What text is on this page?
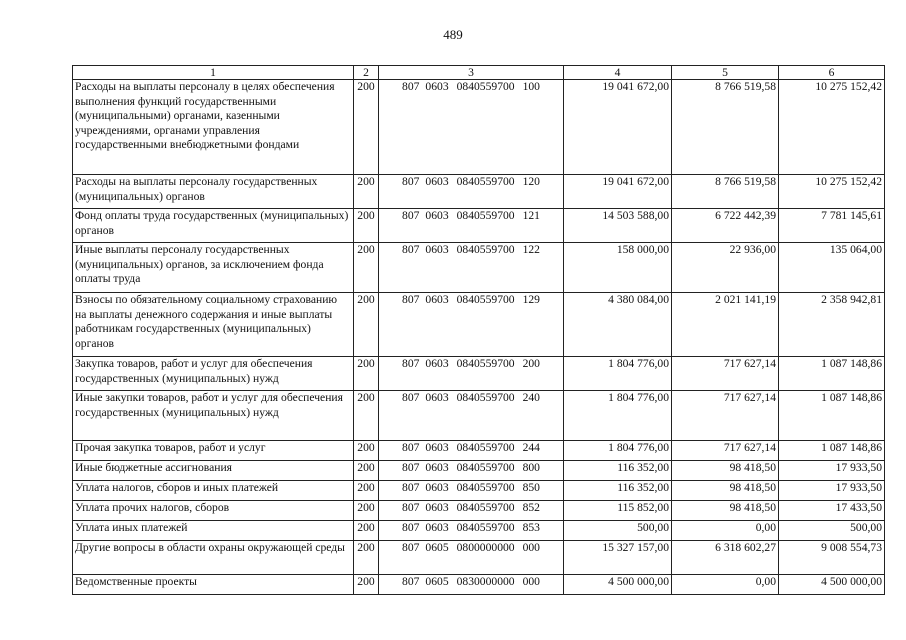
489
1	2	3	4	5	6
Расходы на выплаты персоналу в целях обеспечения выполнения функций государственными (муниципальными) органами, казенными учреждениями, органами управления государственными внебюджетными фондами	200	807 0603 0840559700 100	19 041 672,00	8 766 519,58	10 275 152,42
Расходы на выплаты персоналу государственных (муниципальных) органов	200	807 0603 0840559700 120	19 041 672,00	8 766 519,58	10 275 152,42
Фонд оплаты труда государственных (муниципальных) органов	200	807 0603 0840559700 121	14 503 588,00	6 722 442,39	7 781 145,61
Иные выплаты персоналу государственных (муниципальных) органов, за исключением фонда оплаты труда	200	807 0603 0840559700 122	158 000,00	22 936,00	135 064,00
Взносы по обязательному социальному страхованию на выплаты денежного содержания и иные выплаты работникам государственных (муниципальных) органов	200	807 0603 0840559700 129	4 380 084,00	2 021 141,19	2 358 942,81
Закупка товаров, работ и услуг для обеспечения государственных (муниципальных) нужд	200	807 0603 0840559700 200	1 804 776,00	717 627,14	1 087 148,86
Иные закупки товаров, работ и услуг для обеспечения государственных (муниципальных) нужд	200	807 0603 0840559700 240	1 804 776,00	717 627,14	1 087 148,86
Прочая закупка товаров, работ и услуг	200	807 0603 0840559700 244	1 804 776,00	717 627,14	1 087 148,86
Иные бюджетные ассигнования	200	807 0603 0840559700 800	116 352,00	98 418,50	17 933,50
Уплата налогов, сборов и иных платежей	200	807 0603 0840559700 850	116 352,00	98 418,50	17 933,50
Уплата прочих налогов, сборов	200	807 0603 0840559700 852	115 852,00	98 418,50	17 433,50
Уплата иных платежей	200	807 0603 0840559700 853	500,00	0,00	500,00
Другие вопросы в области охраны окружающей среды	200	807 0605 0800000000 000	15 327 157,00	6 318 602,27	9 008 554,73
Ведомственные проекты	200	807 0605 0830000000 000	4 500 000,00	0,00	4 500 000,00
